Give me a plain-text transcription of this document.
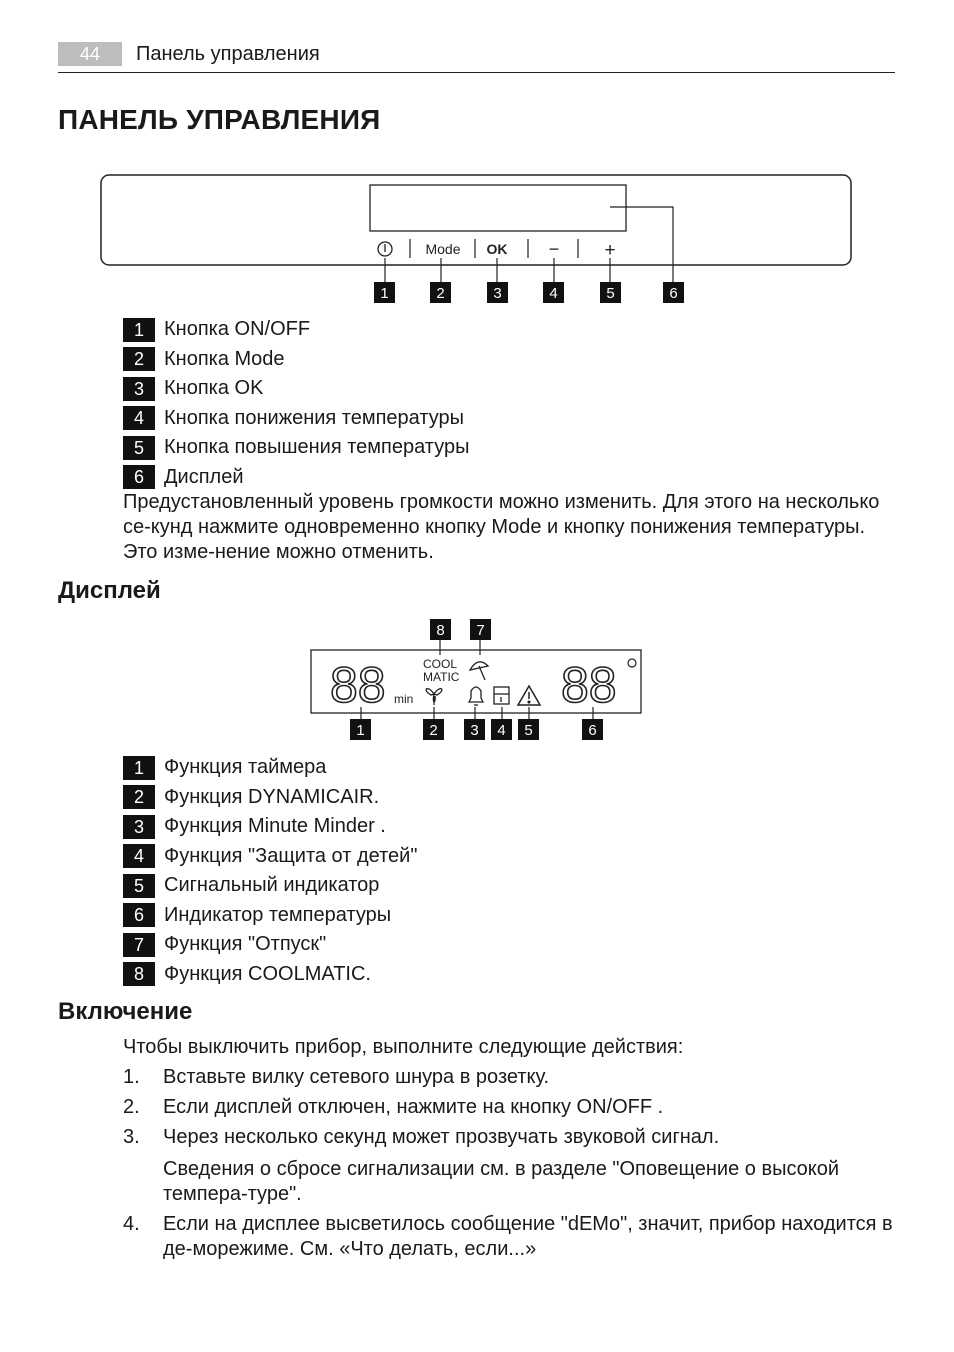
44	Панель управления
ПАНЕЛЬ УПРАВЛЕНИЯ
Mode OK − +
1	2	3	4	5	6
1	Кнопка ON/OFF
2	Кнопка Mode
3	Кнопка OK
4	Кнопка понижения температуры
5	Кнопка повышения температуры
6	Дисплей
Предустановленный уровень громкости можно изменить. Для этого на несколько се-кунд нажмите одновременно кнопку Mode и кнопку понижения температуры. Это изме-нение можно отменить.
Дисплей
88 min
COOL
MATIC 88
8 7
1	2 3 4 5	6
1	Функция таймера
2	Функция DYNAMICAIR.
3	Функция Minute Minder .
4	Функция "Защита от детей"
5	Сигнальный индикатор
6	Индикатор температуры
7	Функция "Отпуск"
8	Функция COOLMATIC.
Включение
Чтобы выключить прибор, выполните следующие действия:
1. Вставьте вилку сетевого шнура в розетку.
2. Если дисплей отключен, нажмите на кнопку ON/OFF .
3. Через несколько секунд может прозвучать звуковой сигнал.
Сведения о сбросе сигнализации см. в разделе "Оповещение о высокой темпера-туре".
4. Если на дисплее высветилось сообщение "dEMo", значит, прибор находится в де-морежиме. См. «Что делать, если...»
